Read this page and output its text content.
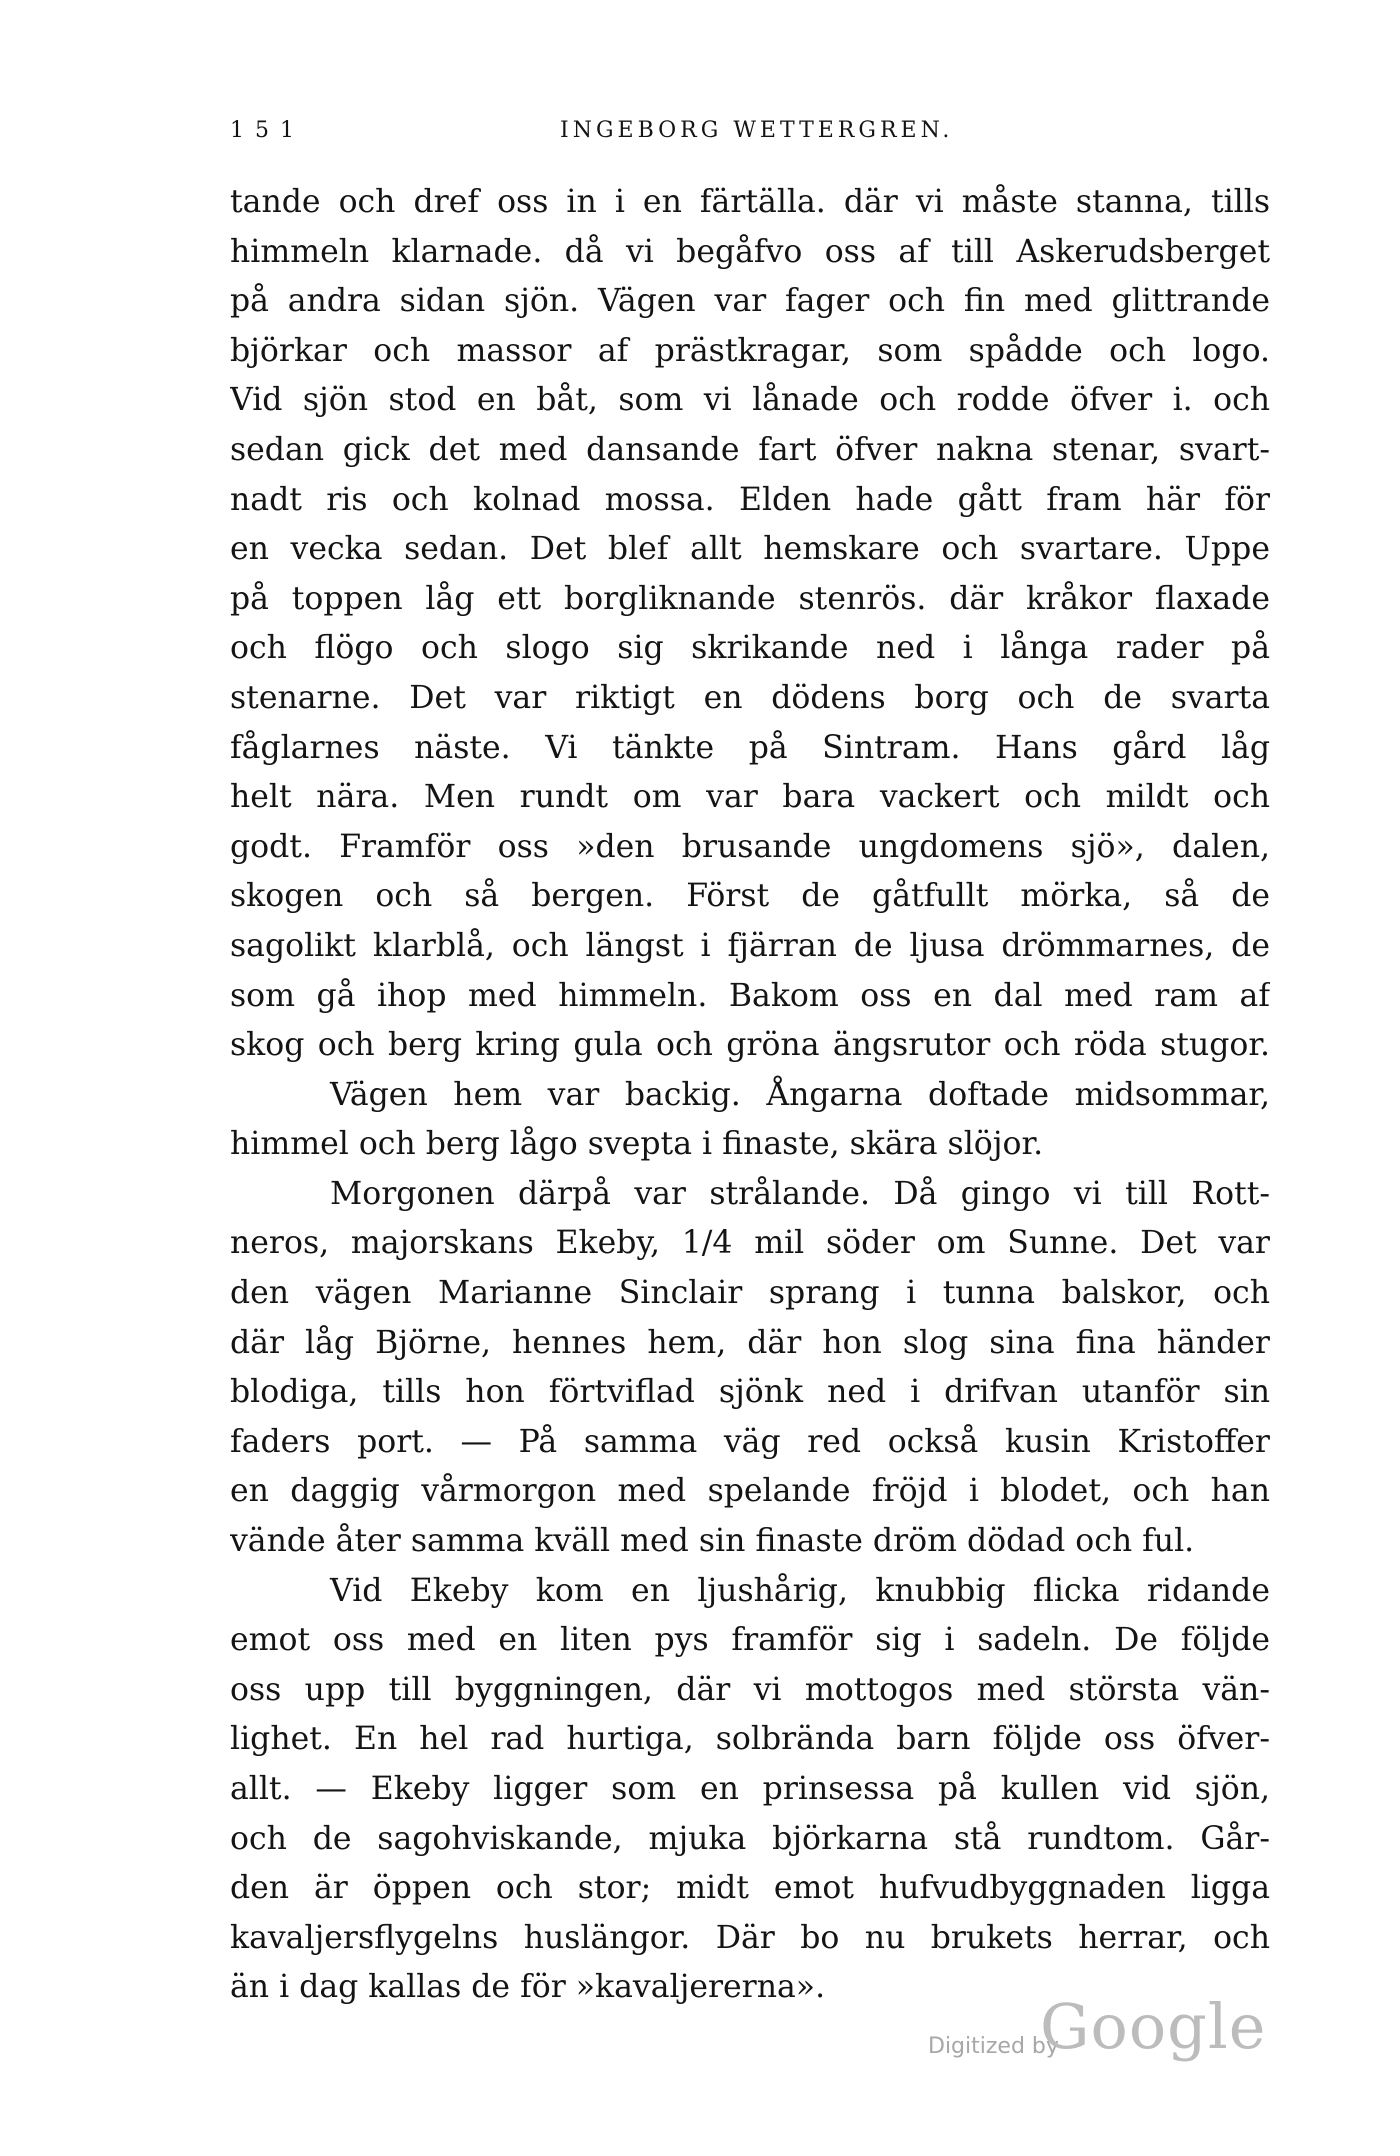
1 5 1	INGEBORG WETTERGREN.
tande och dref oss in i en färtälla. där vi måste stanna, tills
himmeln klarnade. då vi begåfvo oss af till Askerudsberget
på andra sidan sjön. Vägen var fager och fin med glittrande
björkar och massor af prästkragar, som spådde och logo.
Vid sjön stod en båt, som vi lånade och rodde öfver i. och
sedan gick det med dansande fart öfver nakna stenar, svart-
nadt ris och kolnad mossa. Elden hade gått fram här för
en vecka sedan. Det blef allt hemskare och svartare. Uppe
på toppen låg ett borgliknande stenrös. där kråkor flaxade
och flögo och slogo sig skrikande ned i långa rader på
stenarne. Det var riktigt en dödens borg och de svarta
fåglarnes näste. Vi tänkte på Sintram. Hans gård låg
helt nära. Men rundt om var bara vackert och mildt och
godt. Framför oss »den brusande ungdomens sjö», dalen,
skogen och så bergen. Först de gåtfullt mörka, så de
sagolikt klarblå, och längst i fjärran de ljusa drömmarnes, de
som gå ihop med himmeln. Bakom oss en dal med ram af
skog och berg kring gula och gröna ängsrutor och röda stugor.
Vägen hem var backig. Ångarna doftade midsommar,
himmel och berg lågo svepta i finaste, skära slöjor.
Morgonen därpå var strålande. Då gingo vi till Rott-
neros, majorskans Ekeby, 1/4 mil söder om Sunne. Det var
den vägen Marianne Sinclair sprang i tunna balskor, och
där låg Björne, hennes hem, där hon slog sina fina händer
blodiga, tills hon förtviflad sjönk ned i drifvan utanför sin
faders port. — På samma väg red också kusin Kristoffer
en daggig vårmorgon med spelande fröjd i blodet, och han
vände åter samma kväll med sin finaste dröm dödad och ful.
Vid Ekeby kom en ljushårig, knubbig flicka ridande
emot oss med en liten pys framför sig i sadeln. De följde
oss upp till byggningen, där vi mottogos med största vän-
lighet. En hel rad hurtiga, solbrända barn följde oss öfver-
allt. — Ekeby ligger som en prinsessa på kullen vid sjön,
och de sagohviskande, mjuka björkarna stå rundtom. Går-
den är öppen och stor; midt emot hufvudbyggnaden ligga
kavaljersflygelns huslängor. Där bo nu brukets herrar, och
än i dag kallas de för »kavaljererna».
Digitized by
Google
